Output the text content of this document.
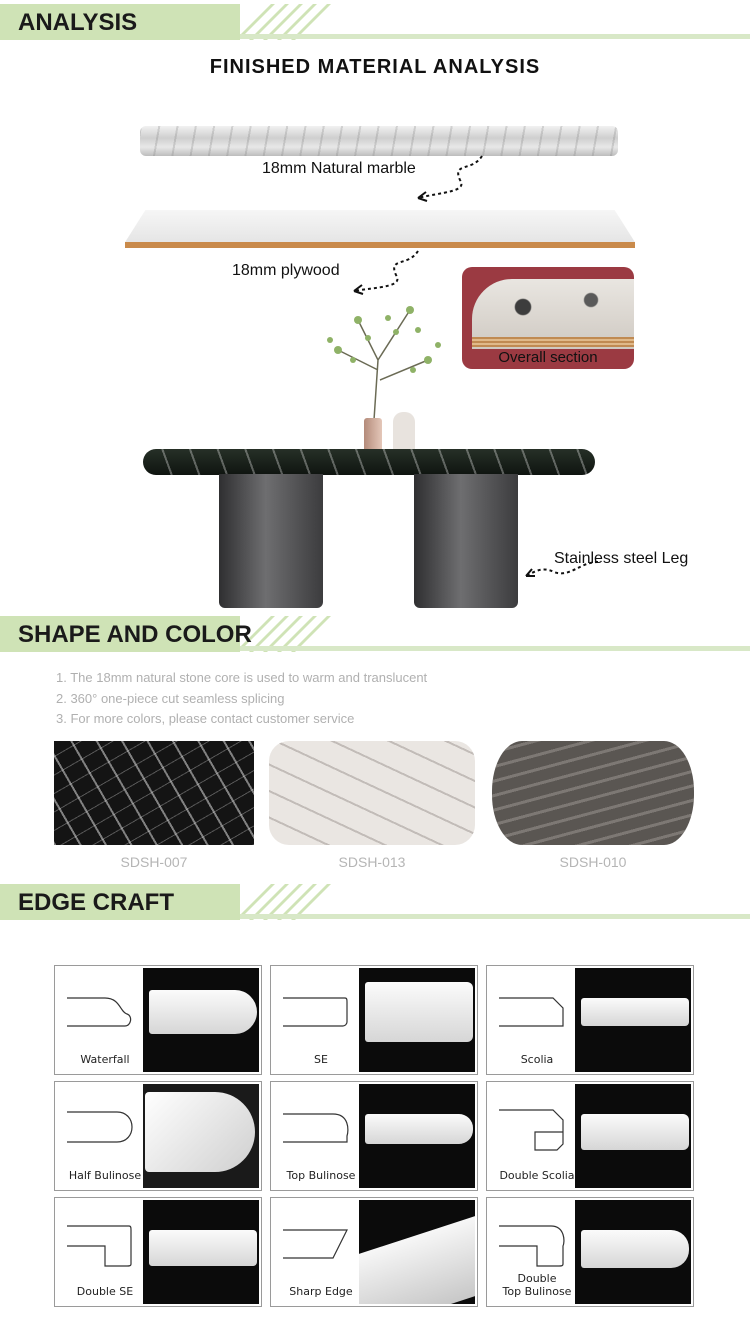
ANALYSIS
FINISHED MATERIAL ANALYSIS
18mm Natural marble
18mm plywood
Overall section
Stainless steel Leg
SHAPE AND COLOR
1. The 18mm natural stone core is used to warm and translucent
2. 360° one-piece cut seamless splicing
3. For more colors, please contact customer service
SDSH-007	SDSH-013	SDSH-010
EDGE CRAFT
Waterfall	SE	Scolia
Half Bulinose	Top Bulinose	Double Scolia
Double SE	Sharp Edge
Double
Top Bulinose
